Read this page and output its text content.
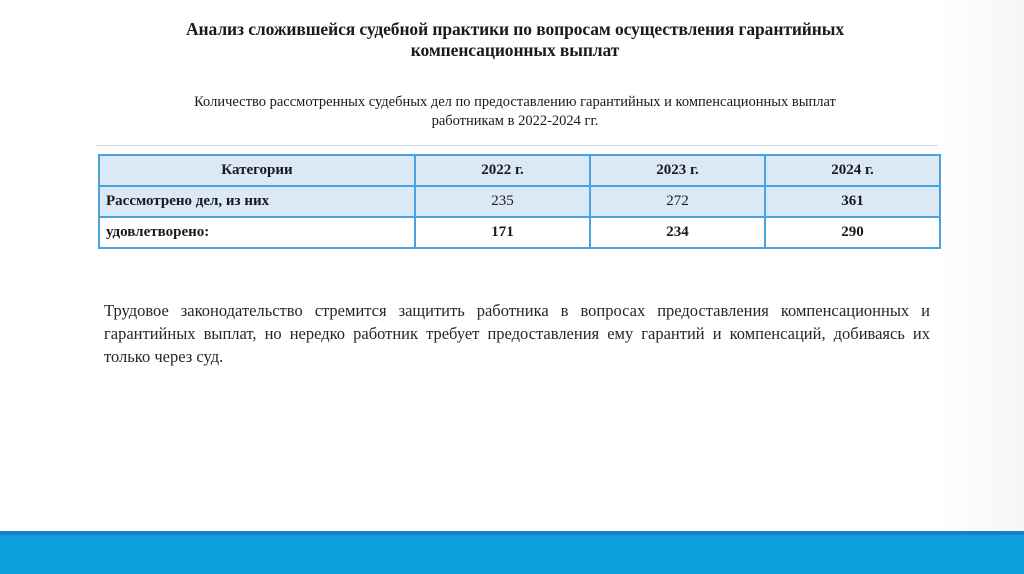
Анализ сложившейся судебной практики по вопросам осуществления гарантийных
компенсационных выплат

Количество рассмотренных судебных дел по предоставлению гарантийных и компенсационных выплат
работникам в 2022-2024 гг.

Категории	2022 г.	2023 г.	2024 г.
Рассмотрено дел, из них	235	272	361
удовлетворено:	171	234	290

Трудовое законодательство стремится защитить работника в вопросах предоставления компенсационных и гарантийных выплат, но нередко работник требует предоставления ему гарантий и компенсаций, добиваясь их только через суд.
